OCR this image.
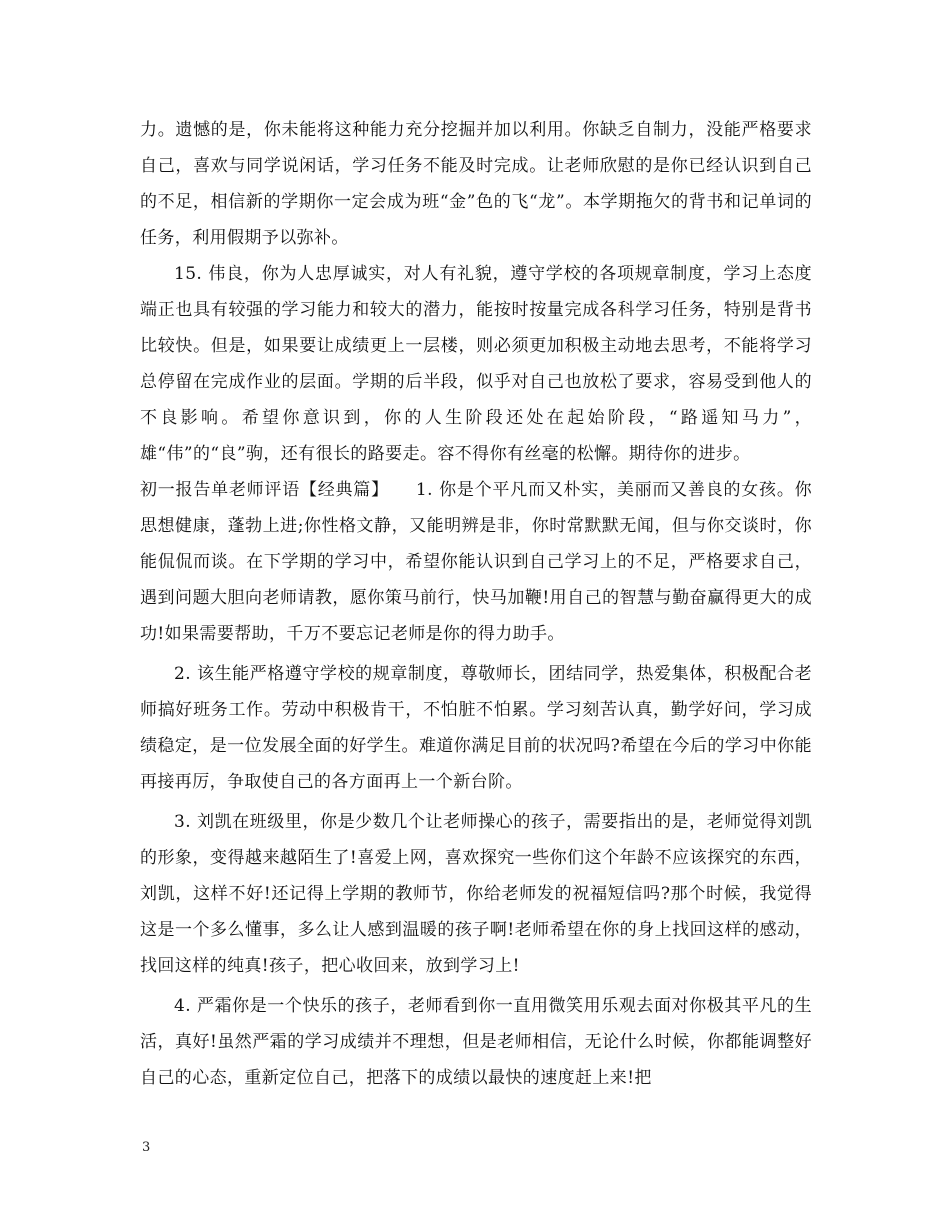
力。遗憾的是，你未能将这种能力充分挖掘并加以利用。你缺乏自制力，没能严格要求自己，喜欢与同学说闲话，学习任务不能及时完成。让老师欣慰的是你已经认识到自己的不足，相信新的学期你一定会成为班“金”色的飞“龙”。本学期拖欠的背书和记单词的任务，利用假期予以弥补。

15. 伟良，你为人忠厚诚实，对人有礼貌，遵守学校的各项规章制度，学习上态度端正也具有较强的学习能力和较大的潜力，能按时按量完成各科学习任务，特别是背书比较快。但是，如果要让成绩更上一层楼，则必须更加积极主动地去思考，不能将学习总停留在完成作业的层面。学期的后半段，似乎对自己也放松了要求，容易受到他人的不良影响。希望你意识到，你的人生阶段还处在起始阶段，“路遥知马力”，雄“伟”的“良”驹，还有很长的路要走。容不得你有丝毫的松懈。期待你的进步。

初一报告单老师评语【经典篇】　　1. 你是个平凡而又朴实，美丽而又善良的女孩。你思想健康，蓬勃上进;你性格文静，又能明辨是非，你时常默默无闻，但与你交谈时，你能侃侃而谈。在下学期的学习中，希望你能认识到自己学习上的不足，严格要求自己，遇到问题大胆向老师请教，愿你策马前行，快马加鞭!用自己的智慧与勤奋赢得更大的成功!如果需要帮助，千万不要忘记老师是你的得力助手。

2. 该生能严格遵守学校的规章制度，尊敬师长，团结同学，热爱集体，积极配合老师搞好班务工作。劳动中积极肯干，不怕脏不怕累。学习刻苦认真，勤学好问，学习成绩稳定，是一位发展全面的好学生。难道你满足目前的状况吗?希望在今后的学习中你能再接再厉，争取使自己的各方面再上一个新台阶。

3. 刘凯在班级里，你是少数几个让老师操心的孩子，需要指出的是，老师觉得刘凯的形象，变得越来越陌生了!喜爱上网，喜欢探究一些你们这个年龄不应该探究的东西，刘凯，这样不好!还记得上学期的教师节，你给老师发的祝福短信吗?那个时候，我觉得这是一个多么懂事，多么让人感到温暖的孩子啊!老师希望在你的身上找回这样的感动，找回这样的纯真!孩子，把心收回来，放到学习上!

4. 严霜你是一个快乐的孩子，老师看到你一直用微笑用乐观去面对你极其平凡的生活，真好!虽然严霜的学习成绩并不理想，但是老师相信，无论什么时候，你都能调整好自己的心态，重新定位自己，把落下的成绩以最快的速度赶上来!把

3
